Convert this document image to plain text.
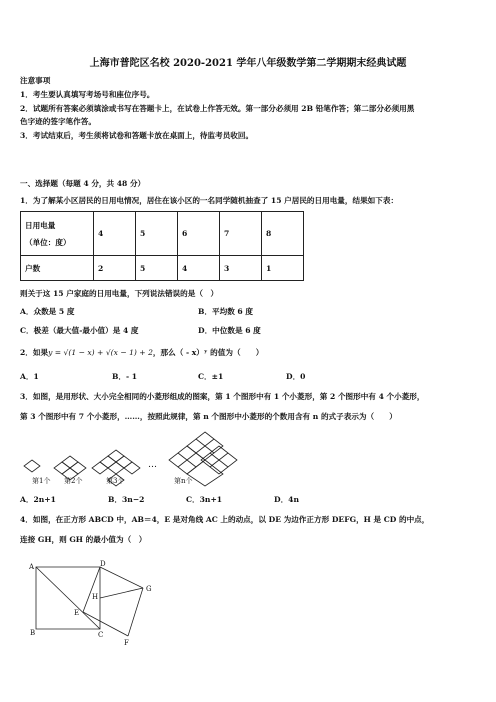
上海市普陀区名校 2020-2021 学年八年级数学第二学期期末经典试题
注意事项
1．考生要认真填写考场号和座位序号。
2．试题所有答案必须填涂或书写在答题卡上，在试卷上作答无效。第一部分必须用 2B 铅笔作答；第二部分必须用黑
色字迹的签字笔作答。
3．考试结束后，考生须将试卷和答题卡放在桌面上，待监考员收回。
一、选择题（每题 4 分，共 48 分）
1．为了解某小区居民的日用电情况，居住在该小区的一名同学随机抽查了 15 户居民的日用电量，结果如下表：
日用电量
（单位：度）	4	5	6	7	8
户数	2	5	4	3	1
则关于这 15 户家庭的日用电量，下列说法错误的是（　）
A．众数是 5 度	B．平均数 6 度
C．极差（最大值-最小值）是 4 度	D．中位数是 6 度
2．如果y = √(1 − x) + √(x − 1) + 2，那么（ - x）ʸ 的值为（　　）
A．1	B．- 1	C．±1	D．0
3．如图，是用形状、大小完全相同的小菱形组成的图案，第 1 个图形中有 1 个小菱形，第 2 个图形中有 4 个小菱形，
第 3 个图形中有 7 个小菱形，……，按照此规律，第 n 个图形中小菱形的个数用含有 n 的式子表示为（　　）
第1个 第2个	第3个
…
第n个
A．2n+1	B．3n−2	C．3n+1	D．4n
4．如图，在正方形 ABCD 中，AB＝4，E 是对角线 AC 上的动点，以 DE 为边作正方形 DEFG，H 是 CD 的中点，
连接 GH，则 GH 的最小值为（　）
A
B	C
D
E
F
G
H
